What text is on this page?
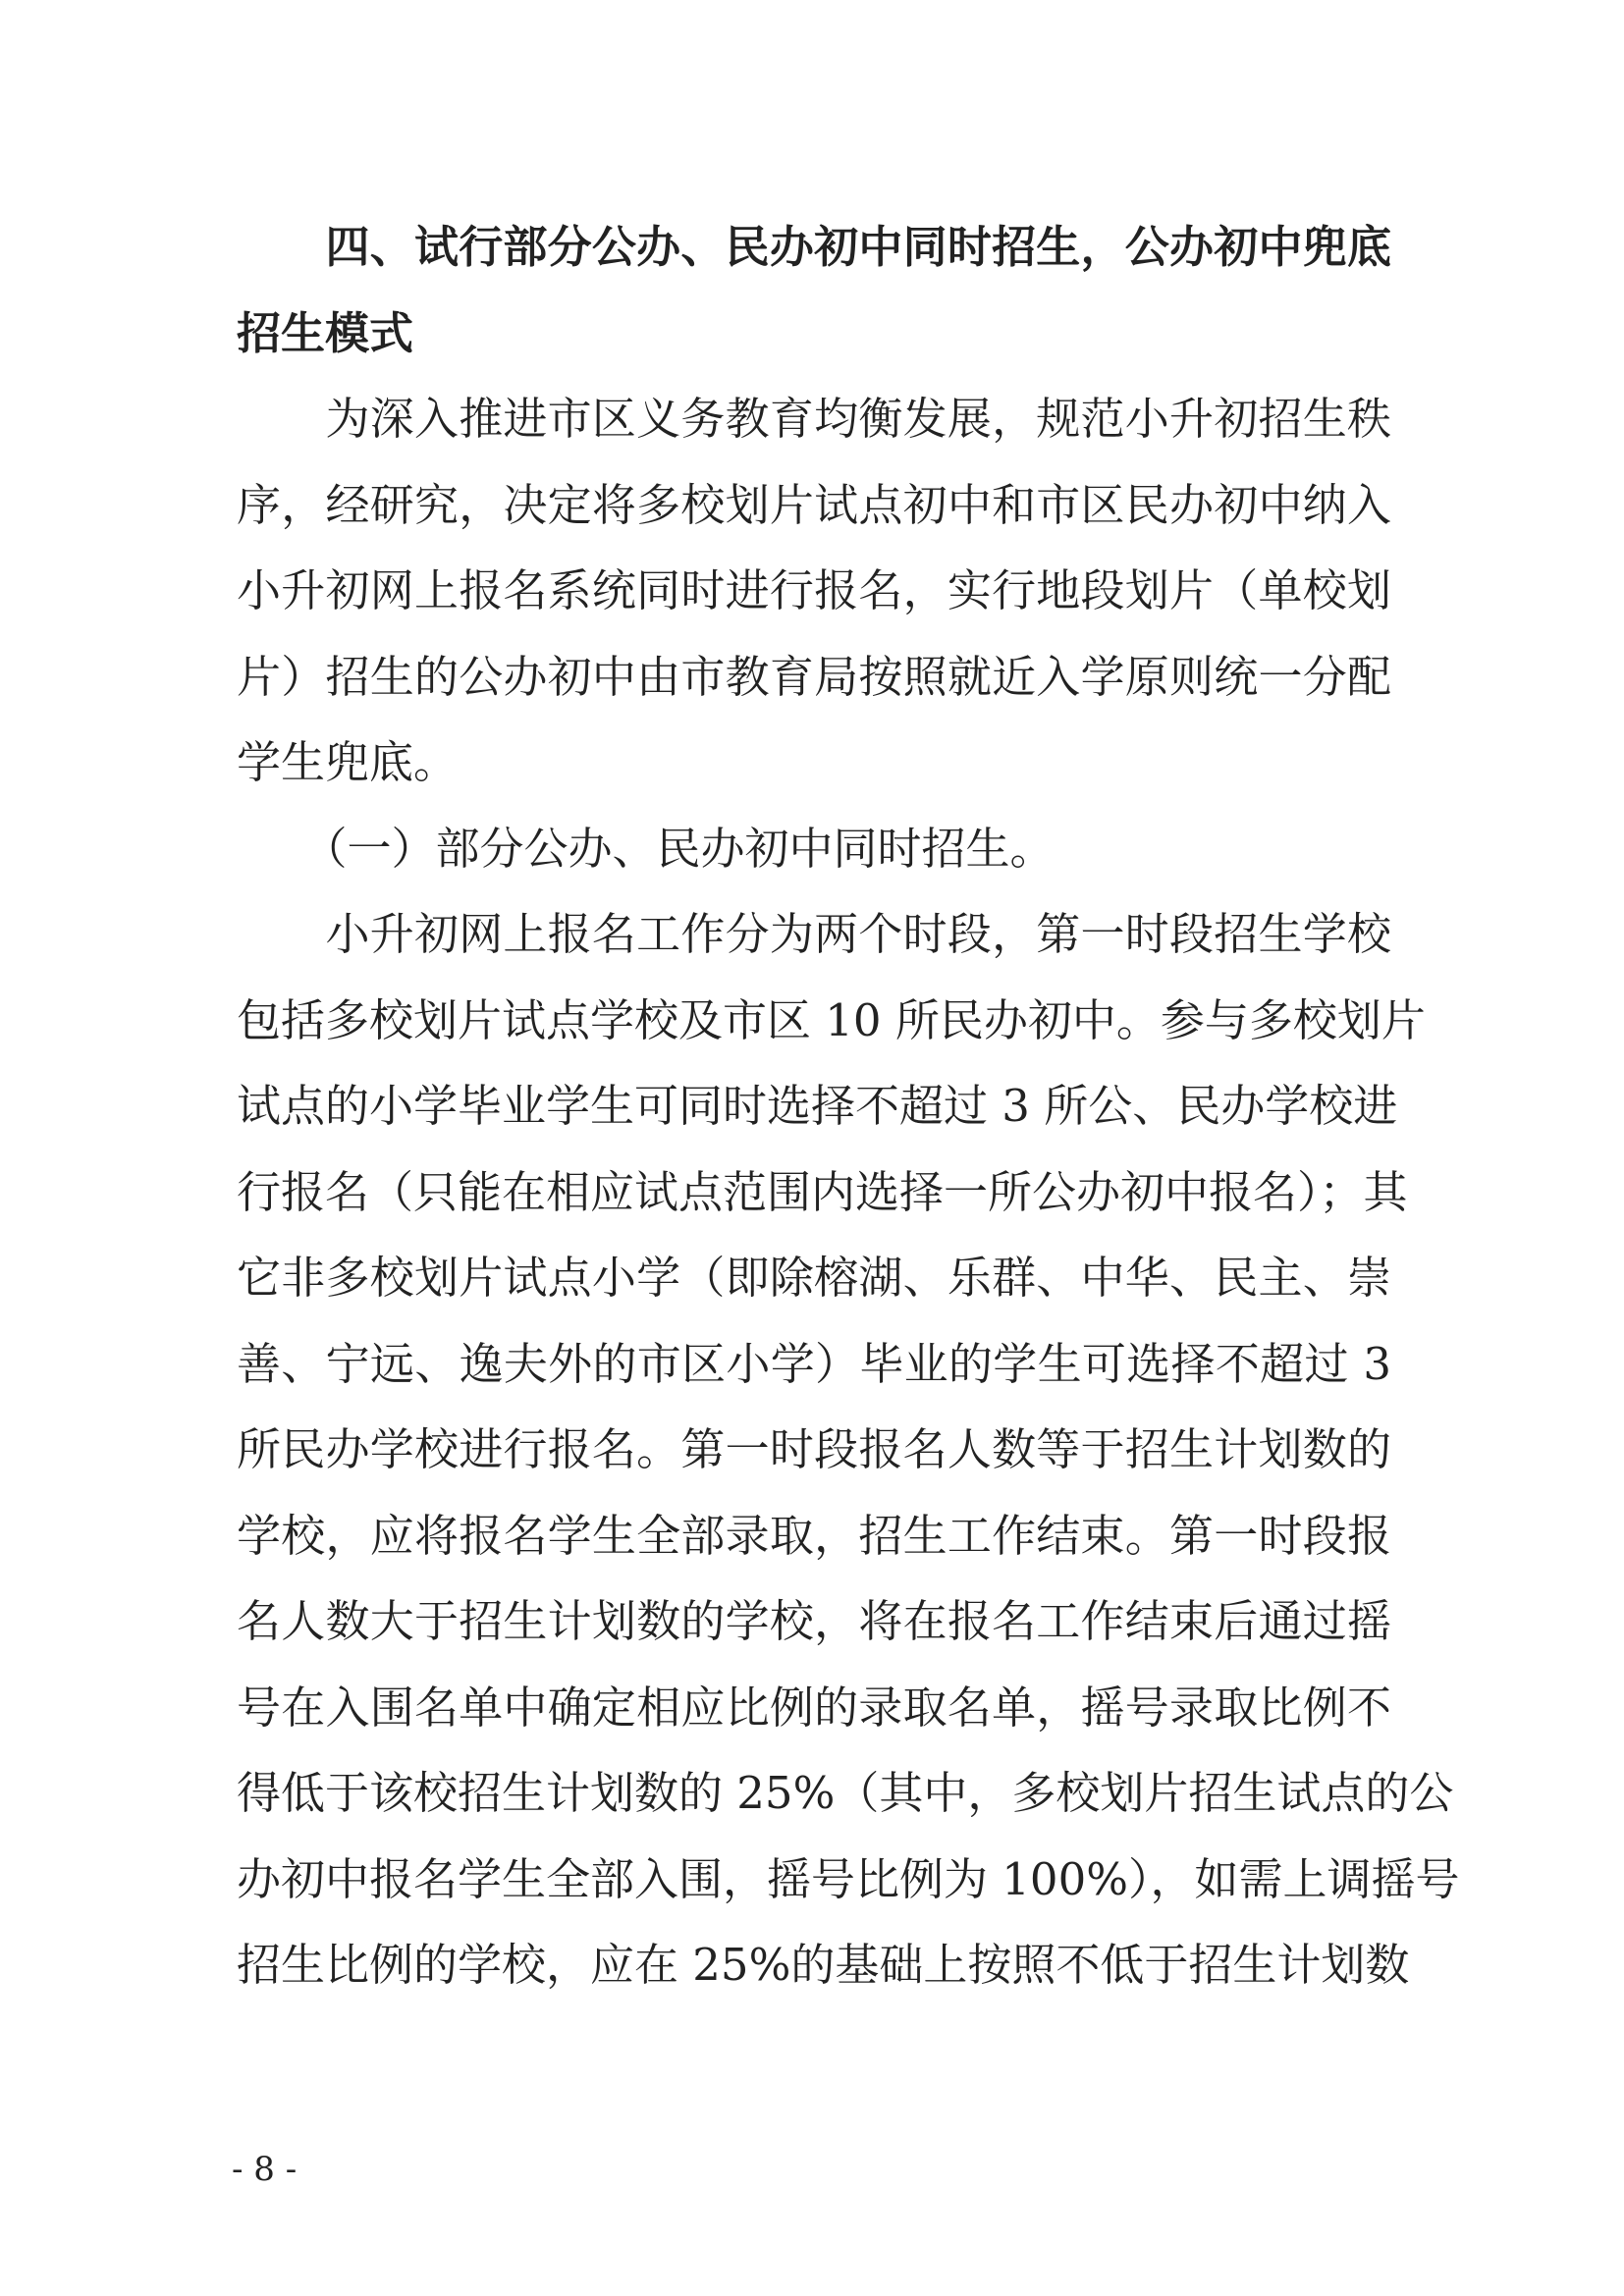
　　四、试行部分公办、民办初中同时招生，公办初中兜底
招生模式
　　为深入推进市区义务教育均衡发展，规范小升初招生秩
序，经研究，决定将多校划片试点初中和市区民办初中纳入
小升初网上报名系统同时进行报名，实行地段划片（单校划
片）招生的公办初中由市教育局按照就近入学原则统一分配
学生兜底。
　　（一）部分公办、民办初中同时招生。
　　小升初网上报名工作分为两个时段，第一时段招生学校
包括多校划片试点学校及市区 10 所民办初中。参与多校划片
试点的小学毕业学生可同时选择不超过 3 所公、民办学校进
行报名（只能在相应试点范围内选择一所公办初中报名）；其
它非多校划片试点小学（即除榕湖、乐群、中华、民主、崇
善、宁远、逸夫外的市区小学）毕业的学生可选择不超过 3
所民办学校进行报名。第一时段报名人数等于招生计划数的
学校，应将报名学生全部录取，招生工作结束。第一时段报
名人数大于招生计划数的学校，将在报名工作结束后通过摇
号在入围名单中确定相应比例的录取名单，摇号录取比例不
得低于该校招生计划数的 25%（其中，多校划片招生试点的公
办初中报名学生全部入围，摇号比例为 100%），如需上调摇号
招生比例的学校，应在 25%的基础上按照不低于招生计划数
- 8 -
